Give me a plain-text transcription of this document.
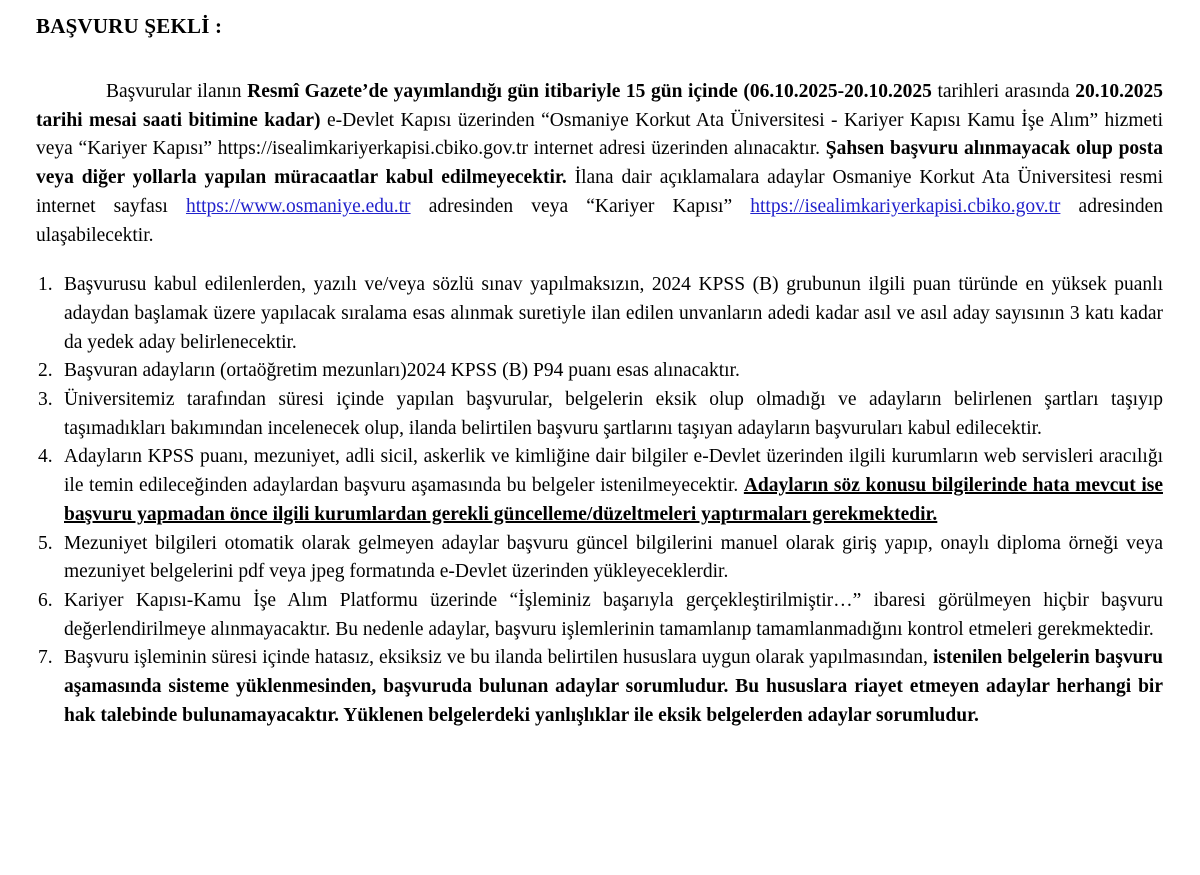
BAŞVURU ŞEKLİ :

Başvurular ilanın Resmî Gazete’de yayımlandığı gün itibariyle 15 gün içinde (06.10.2025-20.10.2025 tarihleri arasında 20.10.2025 tarihi mesai saati bitimine kadar) e-Devlet Kapısı üzerinden “Osmaniye Korkut Ata Üniversitesi - Kariyer Kapısı Kamu İşe Alım” hizmeti veya “Kariyer Kapısı” https://isealimkariyerkapisi.cbiko.gov.tr internet adresi üzerinden alınacaktır. Şahsen başvuru alınmayacak olup posta veya diğer yollarla yapılan müracaatlar kabul edilmeyecektir. İlana dair açıklamalara adaylar Osmaniye Korkut Ata Üniversitesi resmi internet sayfası https://www.osmaniye.edu.tr adresinden veya “Kariyer Kapısı” https://isealimkariyerkapisi.cbiko.gov.tr adresinden ulaşabilecektir.

1. Başvurusu kabul edilenlerden, yazılı ve/veya sözlü sınav yapılmaksızın, 2024 KPSS (B) grubunun ilgili puan türünde en yüksek puanlı adaydan başlamak üzere yapılacak sıralama esas alınmak suretiyle ilan edilen unvanların adedi kadar asıl ve asıl aday sayısının 3 katı kadar da yedek aday belirlenecektir.
2. Başvuran adayların (ortaöğretim mezunları)2024 KPSS (B) P94 puanı esas alınacaktır.
3. Üniversitemiz tarafından süresi içinde yapılan başvurular, belgelerin eksik olup olmadığı ve adayların belirlenen şartları taşıyıp taşımadıkları bakımından incelenecek olup, ilanda belirtilen başvuru şartlarını taşıyan adayların başvuruları kabul edilecektir.
4. Adayların KPSS puanı, mezuniyet, adli sicil, askerlik ve kimliğine dair bilgiler e-Devlet üzerinden ilgili kurumların web servisleri aracılığı ile temin edileceğinden adaylardan başvuru aşamasında bu belgeler istenilmeyecektir. Adayların söz konusu bilgilerinde hata mevcut ise başvuru yapmadan önce ilgili kurumlardan gerekli güncelleme/düzeltmeleri yaptırmaları gerekmektedir.
5. Mezuniyet bilgileri otomatik olarak gelmeyen adaylar başvuru güncel bilgilerini manuel olarak giriş yapıp, onaylı diploma örneği veya mezuniyet belgelerini pdf veya jpeg formatında e-Devlet üzerinden yükleyeceklerdir.
6. Kariyer Kapısı-Kamu İşe Alım Platformu üzerinde “İşleminiz başarıyla gerçekleştirilmiştir…” ibaresi görülmeyen hiçbir başvuru değerlendirilmeye alınmayacaktır. Bu nedenle adaylar, başvuru işlemlerinin tamamlanıp tamamlanmadığını kontrol etmeleri gerekmektedir.
7. Başvuru işleminin süresi içinde hatasız, eksiksiz ve bu ilanda belirtilen hususlara uygun olarak yapılmasından, istenilen belgelerin başvuru aşamasında sisteme yüklenmesinden, başvuruda bulunan adaylar sorumludur. Bu hususlara riayet etmeyen adaylar herhangi bir hak talebinde bulunamayacaktır. Yüklenen belgelerdeki yanlışlıklar ile eksik belgelerden adaylar sorumludur.
